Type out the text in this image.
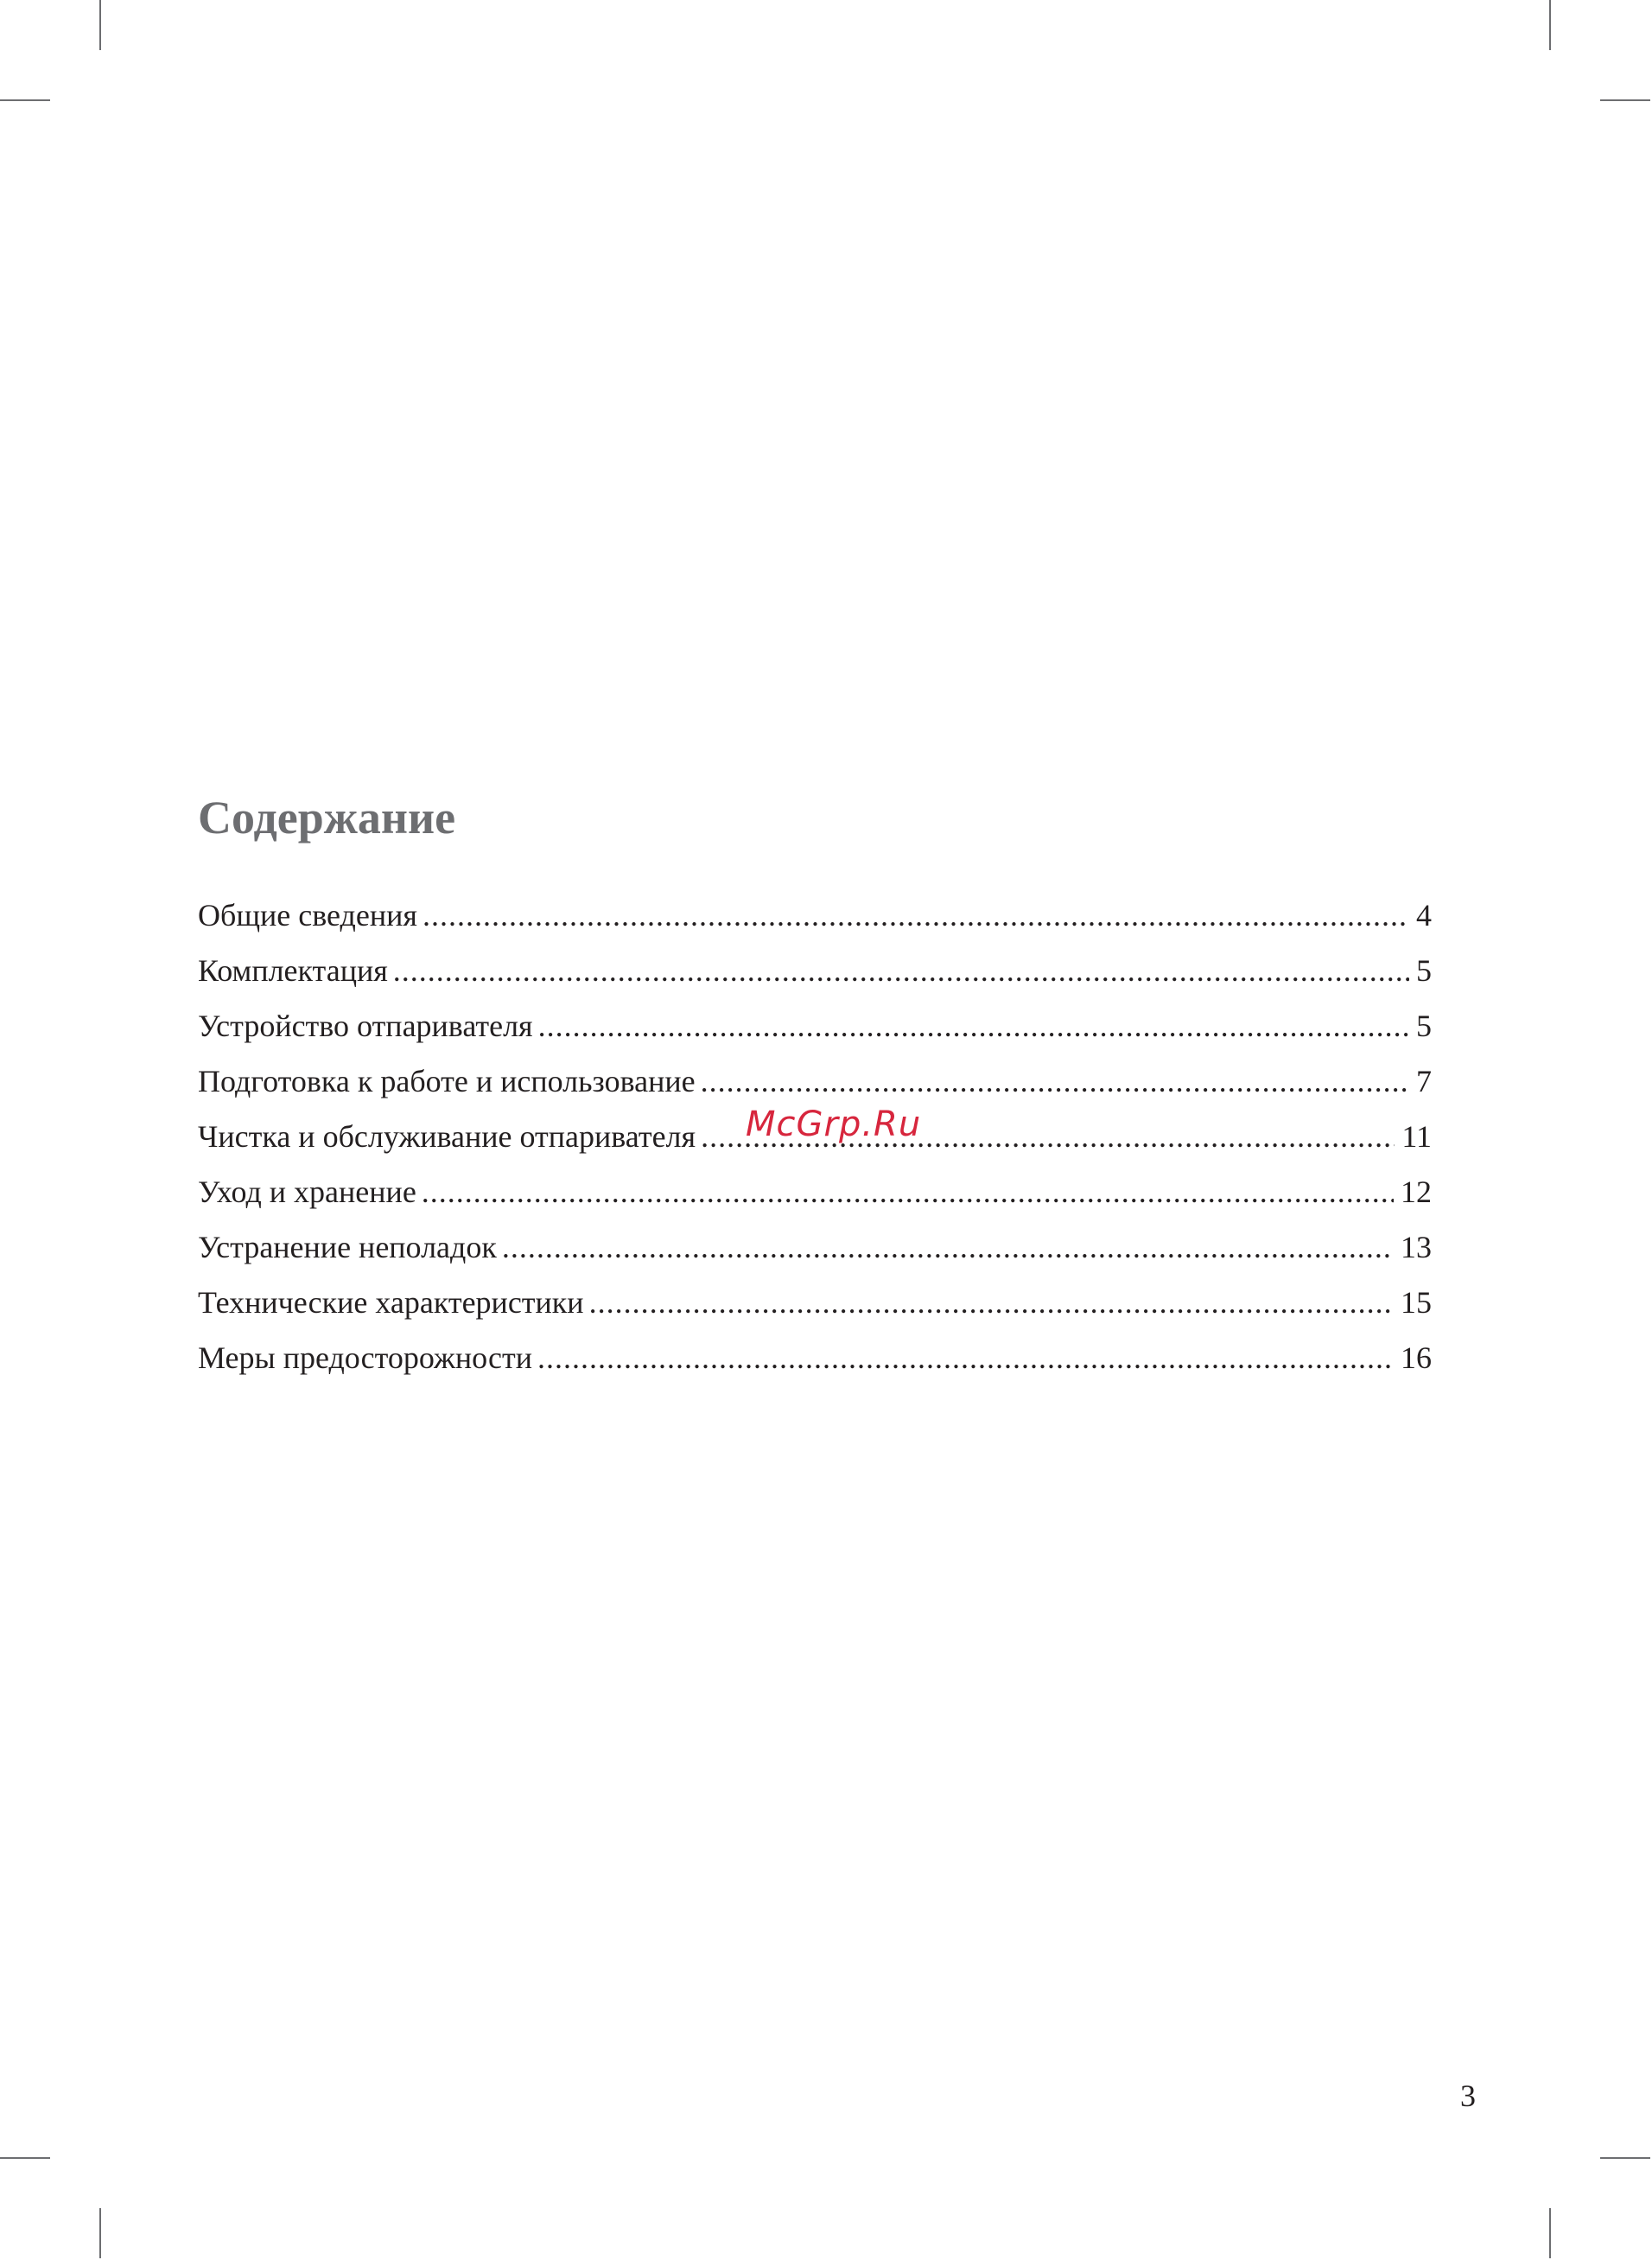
Содержание
Общие сведения .....	4
Комплектация .....	5
Устройство отпаривателя .....	5
Подготовка к работе и использование .....	7
Чистка и обслуживание отпаривателя .....	11
Уход и хранение .....	12
Устранение неполадок .....	13
Технические характеристики .....	15
Меры предосторожности .....	16
McGrp.Ru
3
